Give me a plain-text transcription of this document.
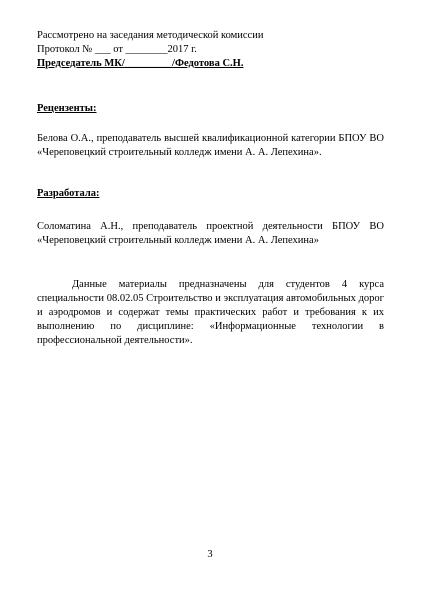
Рассмотрено на заседания методической комиссии
Протокол № ___ от ________2017 г.
Председатель МК/_________/Федотова С.Н.
Рецензенты:
Белова О.А., преподаватель высшей квалификационной категории БПОУ ВО «Череповецкий строительный колледж имени А. А. Лепехина».
Разработала:
Соломатина А.Н., преподаватель проектной деятельности БПОУ ВО «Череповецкий строительный колледж имени А. А. Лепехина»
Данные материалы предназначены для студентов 4 курса специальности 08.02.05 Строительство и эксплуатация автомобильных дорог и аэродромов и содержат темы практических работ и требования к их выполнению по дисциплине: «Информационные технологии в профессиональной деятельности».
3
